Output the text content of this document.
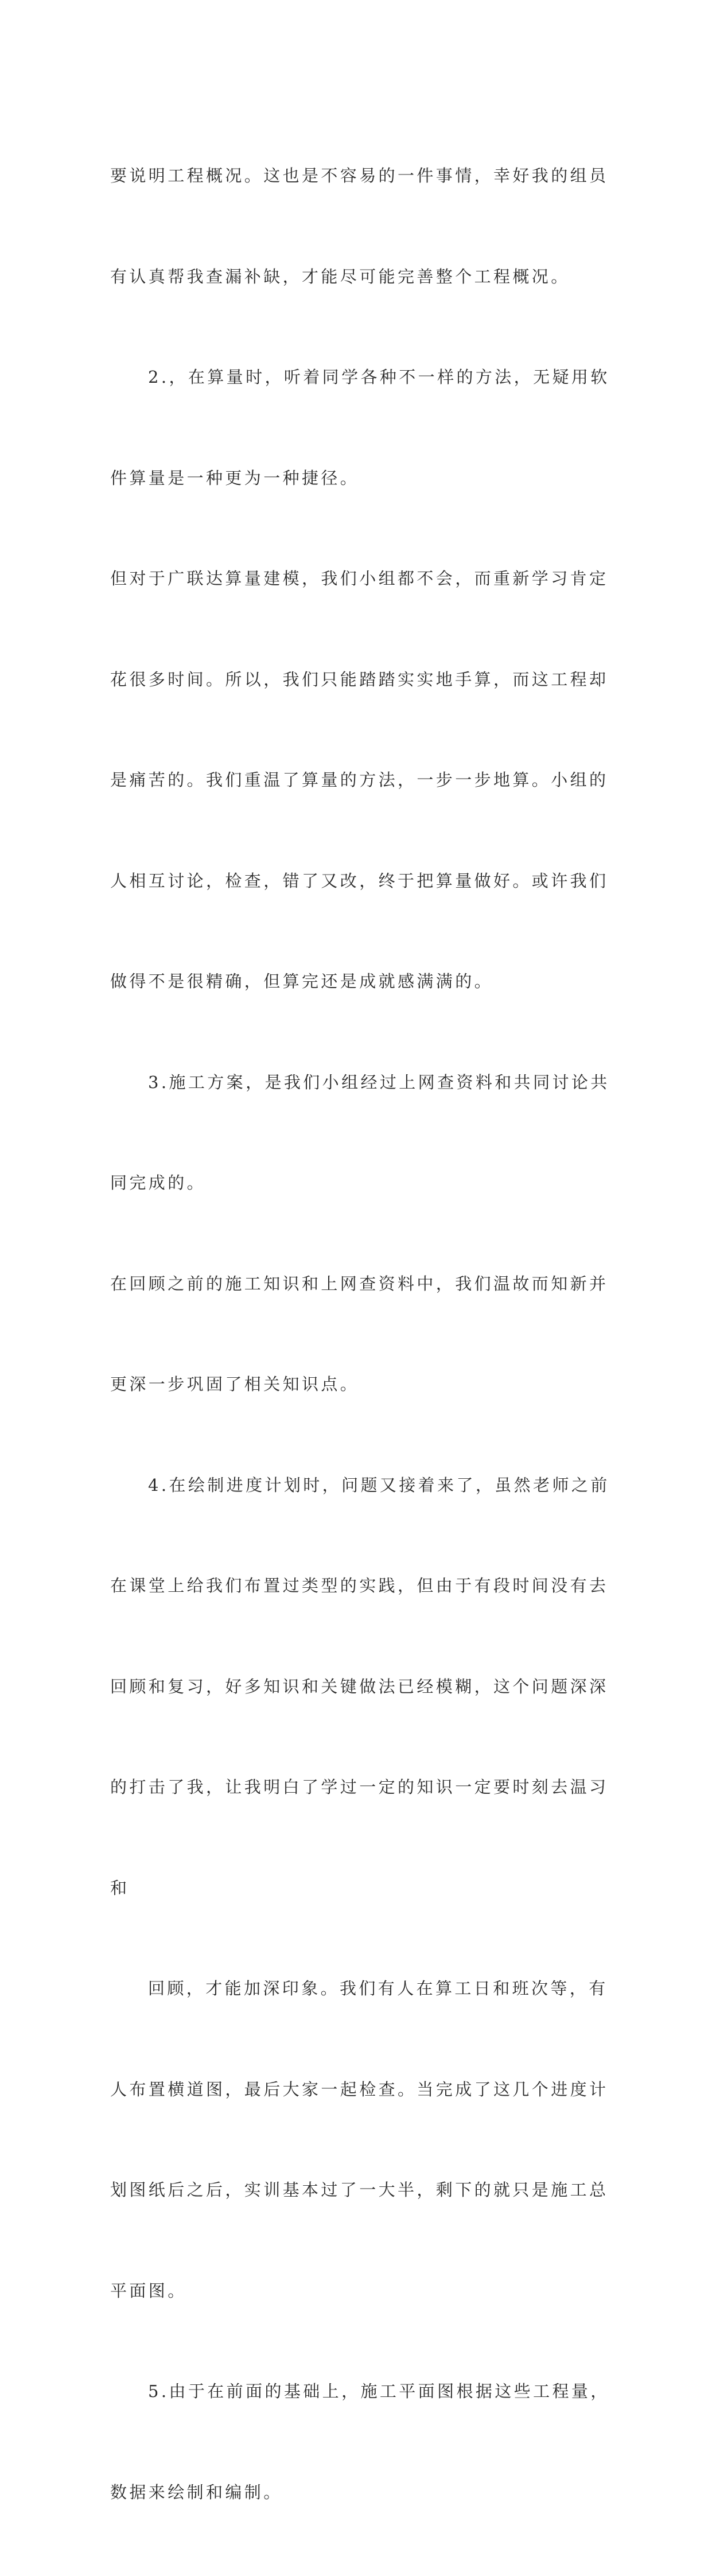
要说明工程概况。这也是不容易的一件事情，幸好我的组员

有认真帮我查漏补缺，才能尽可能完善整个工程概况。

2.，在算量时，听着同学各种不一样的方法，无疑用软

件算量是一种更为一种捷径。

但对于广联达算量建模，我们小组都不会，而重新学习肯定

花很多时间。所以，我们只能踏踏实实地手算，而这工程却

是痛苦的。我们重温了算量的方法，一步一步地算。小组的

人相互讨论，检查，错了又改，终于把算量做好。或许我们

做得不是很精确，但算完还是成就感满满的。

3.施工方案，是我们小组经过上网查资料和共同讨论共

同完成的。

在回顾之前的施工知识和上网查资料中，我们温故而知新并

更深一步巩固了相关知识点。

4.在绘制进度计划时，问题又接着来了，虽然老师之前

在课堂上给我们布置过类型的实践，但由于有段时间没有去

回顾和复习，好多知识和关键做法已经模糊，这个问题深深

的打击了我，让我明白了学过一定的知识一定要时刻去温习

和

回顾，才能加深印象。我们有人在算工日和班次等，有

人布置横道图，最后大家一起检查。当完成了这几个进度计

划图纸后之后，实训基本过了一大半，剩下的就只是施工总

平面图。

5.由于在前面的基础上，施工平面图根据这些工程量，

数据来绘制和编制。
